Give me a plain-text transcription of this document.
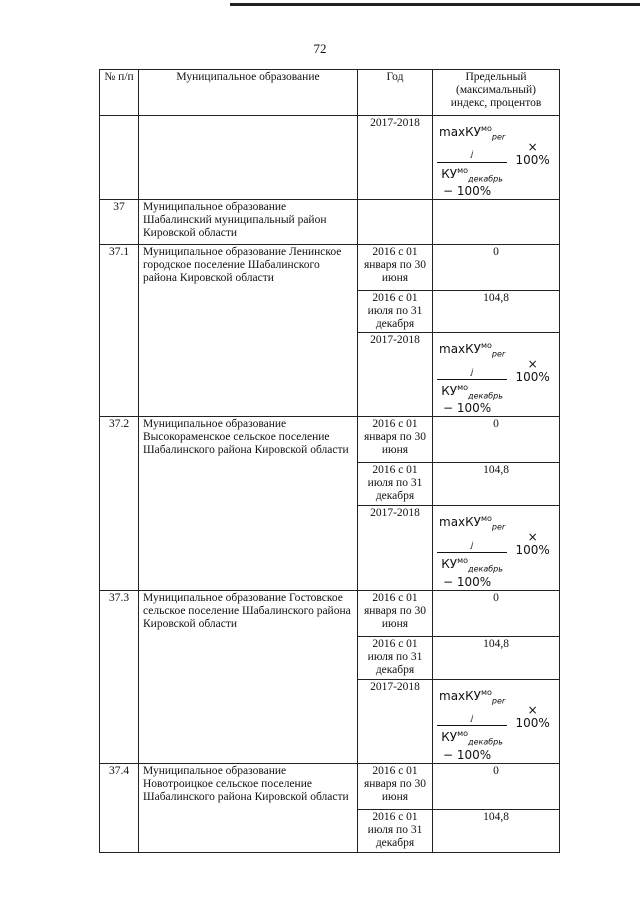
72
№ п/п	Муниципальное образование	Год	Предельный (максимальный) индекс, процентов
		2017-2018	$\frac{\max КУ^{мо}_{per j}}{КУ^{мо}_{декабрь}} \times 100\%$
− 100%

37	Муниципальное образование Шабалинский муниципальный район Кировской области		
37.1	Муниципальное образование Ленинское городское поселение Шабалинского района Кировской области	2016 с 01 января по 30 июня	0
		2016 с 01 июля по 31 декабря	104,8
		2017-2018	$\frac{\max КУ^{мо}_{per j}}{КУ^{мо}_{декабрь}} \times 100\%$
− 100%

37.2	Муниципальное образование Высокораменское сельское поселение Шабалинского района Кировской области	2016 с 01 января по 30 июня	0
		2016 с 01 июля по 31 декабря	104,8
		2017-2018	$\frac{\max КУ^{мо}_{per j}}{КУ^{мо}_{декабрь}} \times 100\%$
− 100%

37.3	Муниципальное образование Гостовское сельское поселение Шабалинского района Кировской области	2016 с 01 января по 30 июня	0
		2016 с 01 июля по 31 декабря	104,8
		2017-2018	$\frac{\max КУ^{мо}_{per j}}{КУ^{мо}_{декабрь}} \times 100\%$
− 100%

37.4	Муниципальное образование Новотроицкое сельское поселение Шабалинского района Кировской области	2016 с 01 января по 30 июня	0
		2016 с 01 июля по 31 декабря	104,8
